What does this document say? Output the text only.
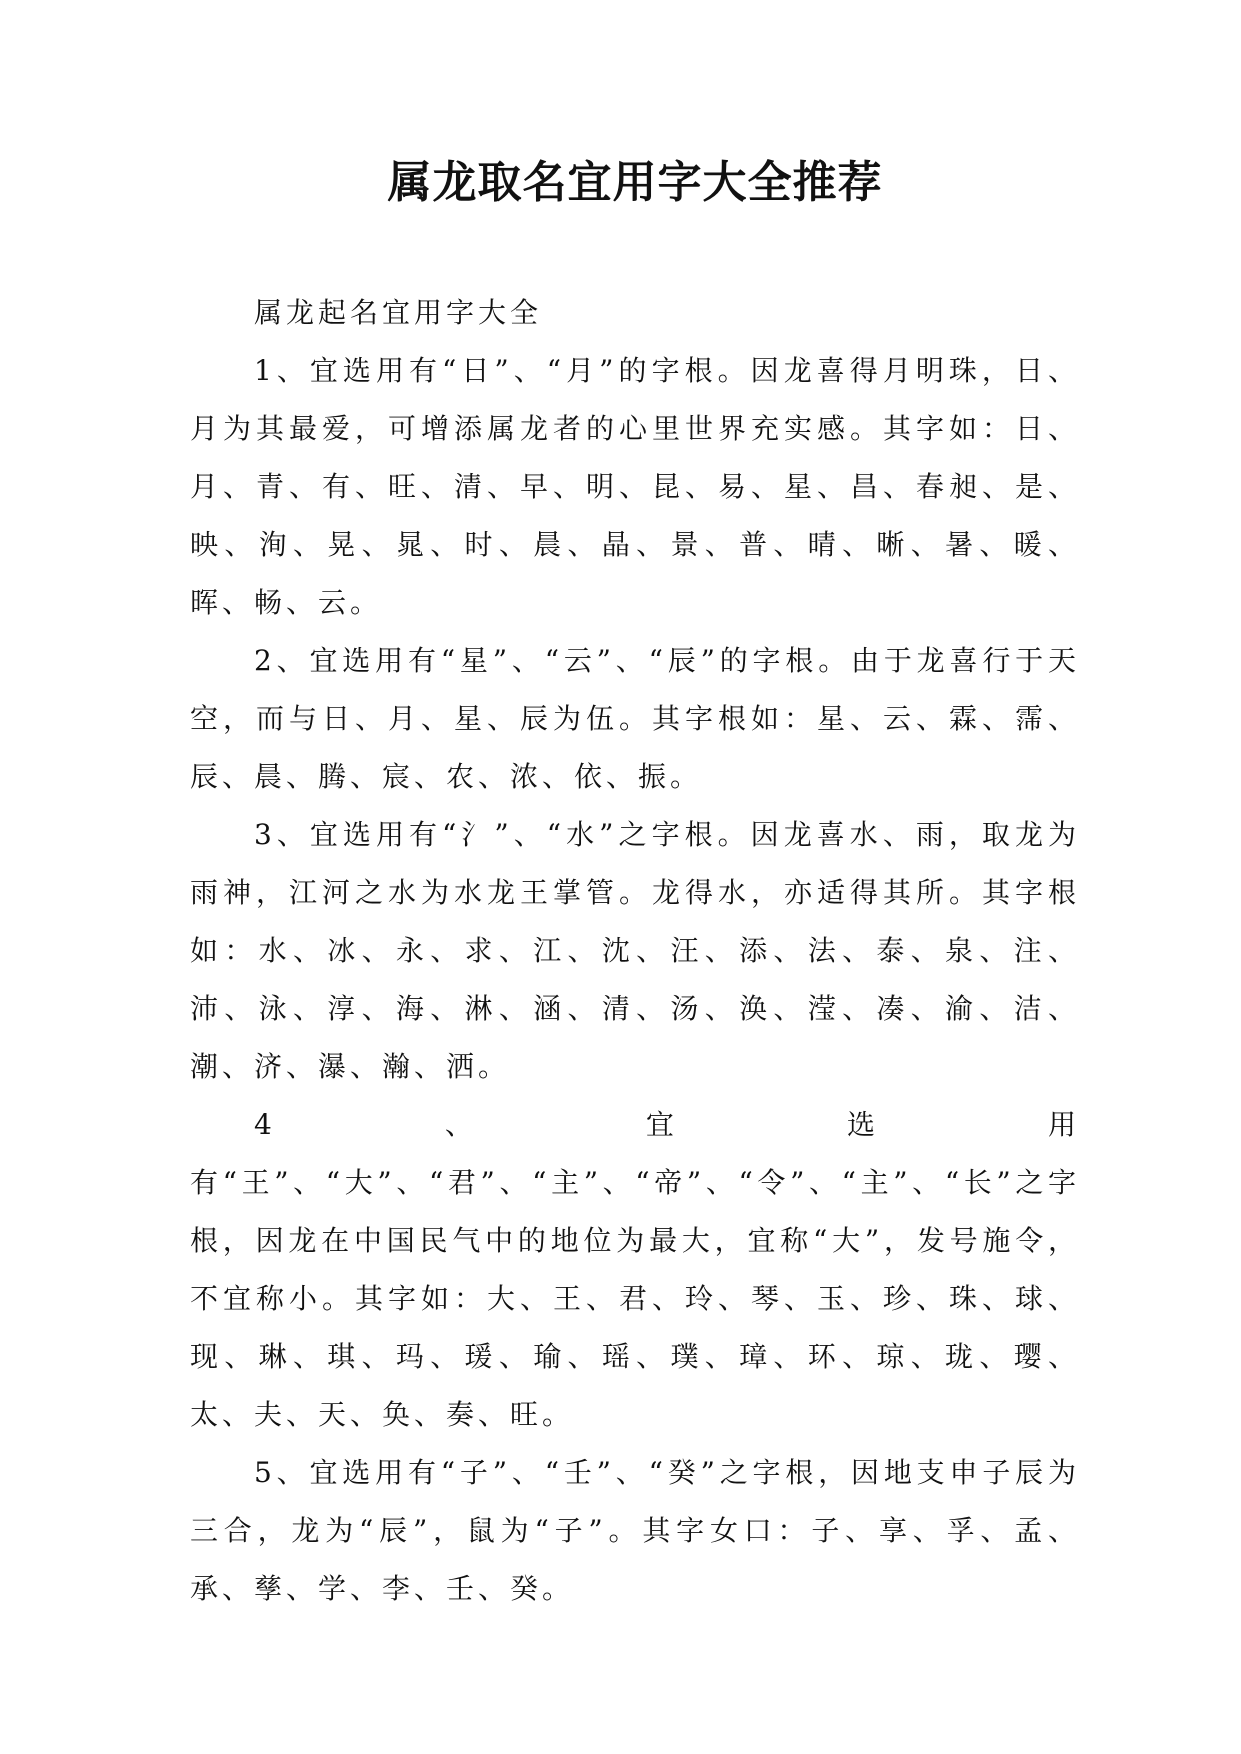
属龙取名宜用字大全推荐

属龙起名宜用字大全

1、宜选用有“日”、“月”的字根。因龙喜得月明珠，日、月为其最爱，可增添属龙者的心里世界充实感。其字如：日、月、青、有、旺、清、早、明、昆、易、星、昌、春昶、是、映、洵、晃、晁、时、晨、晶、景、普、晴、晰、暑、暖、晖、畅、云。

2、宜选用有“星”、“云”、“辰”的字根。由于龙喜行于天空，而与日、月、星、辰为伍。其字根如：星、云、霖、霈、辰、晨、腾、宸、农、浓、依、振。

3、宜选用有“氵”、“水”之字根。因龙喜水、雨，取龙为雨神，江河之水为水龙王掌管。龙得水，亦适得其所。其字根如：水、冰、永、求、江、沈、汪、添、法、泰、泉、注、沛、泳、淳、海、淋、涵、清、汤、涣、滢、凑、渝、洁、潮、济、瀑、瀚、洒。

4、宜选用有“王”、“大”、“君”、“主”、“帝”、“令”、“主”、“长”之字根，因龙在中国民气中的地位为最大，宜称“大”，发号施令，不宜称小。其字如：大、王、君、玲、琴、玉、珍、珠、球、现、琳、琪、玛、瑗、瑜、瑶、璞、璋、环、琼、珑、璎、太、夫、天、奂、奏、旺。

5、宜选用有“子”、“壬”、“癸”之字根，因地支申子辰为三合，龙为“辰”，鼠为“子”。其字女口：子、享、孚、孟、承、孳、学、李、壬、癸。
